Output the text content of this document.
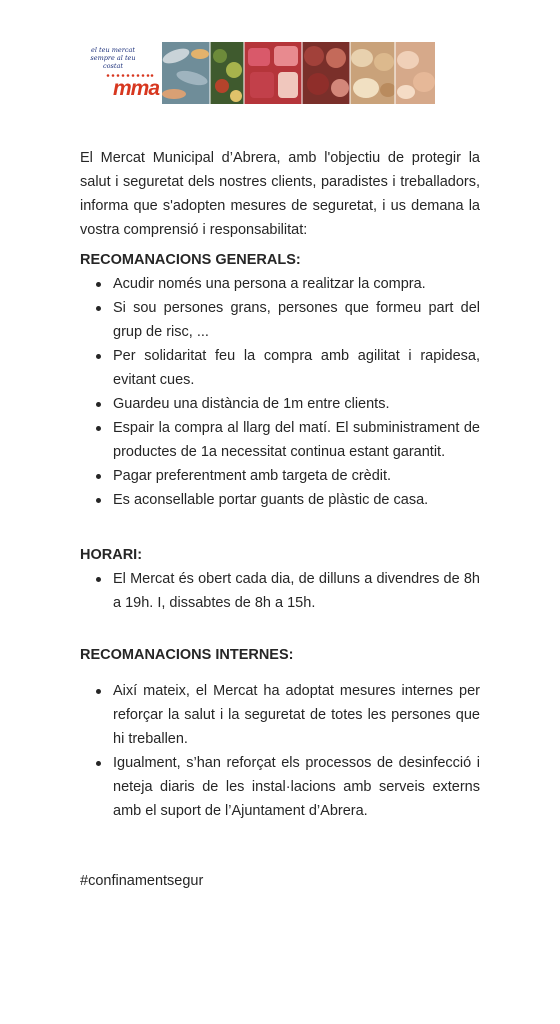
el teu mercat sempre al teu costat
mma

El Mercat Municipal d’Abrera, amb l'objectiu de protegir la salut i seguretat dels nostres clients, paradistes i treballadors, informa que s'adopten mesures de seguretat, i us demana la vostra comprensió i responsabilitat:

RECOMANACIONS GENERALS:

Acudir només una persona a realitzar la compra.
Si sou persones grans, persones que formeu part del grup de risc, ...
Per solidaritat feu la compra amb agilitat i rapidesa, evitant cues.
Guardeu una distància de 1m entre clients.
Espair la compra al llarg del matí. El subministrament de productes de 1a necessitat continua estant garantit.
Pagar preferentment amb targeta de crèdit.
Es aconsellable portar guants de plàstic de casa.

HORARI:

El Mercat és obert cada dia, de dilluns a divendres de 8h a 19h. I, dissabtes de 8h a 15h.

RECOMANACIONS INTERNES:

Així mateix, el Mercat ha adoptat mesures internes per reforçar la salut i la seguretat de totes les persones que hi treballen.
Igualment, s’han reforçat els processos de desinfecció i neteja diaris de les instal·lacions amb serveis externs amb el suport de l’Ajuntament d’Abrera.

#confinamentsegur
